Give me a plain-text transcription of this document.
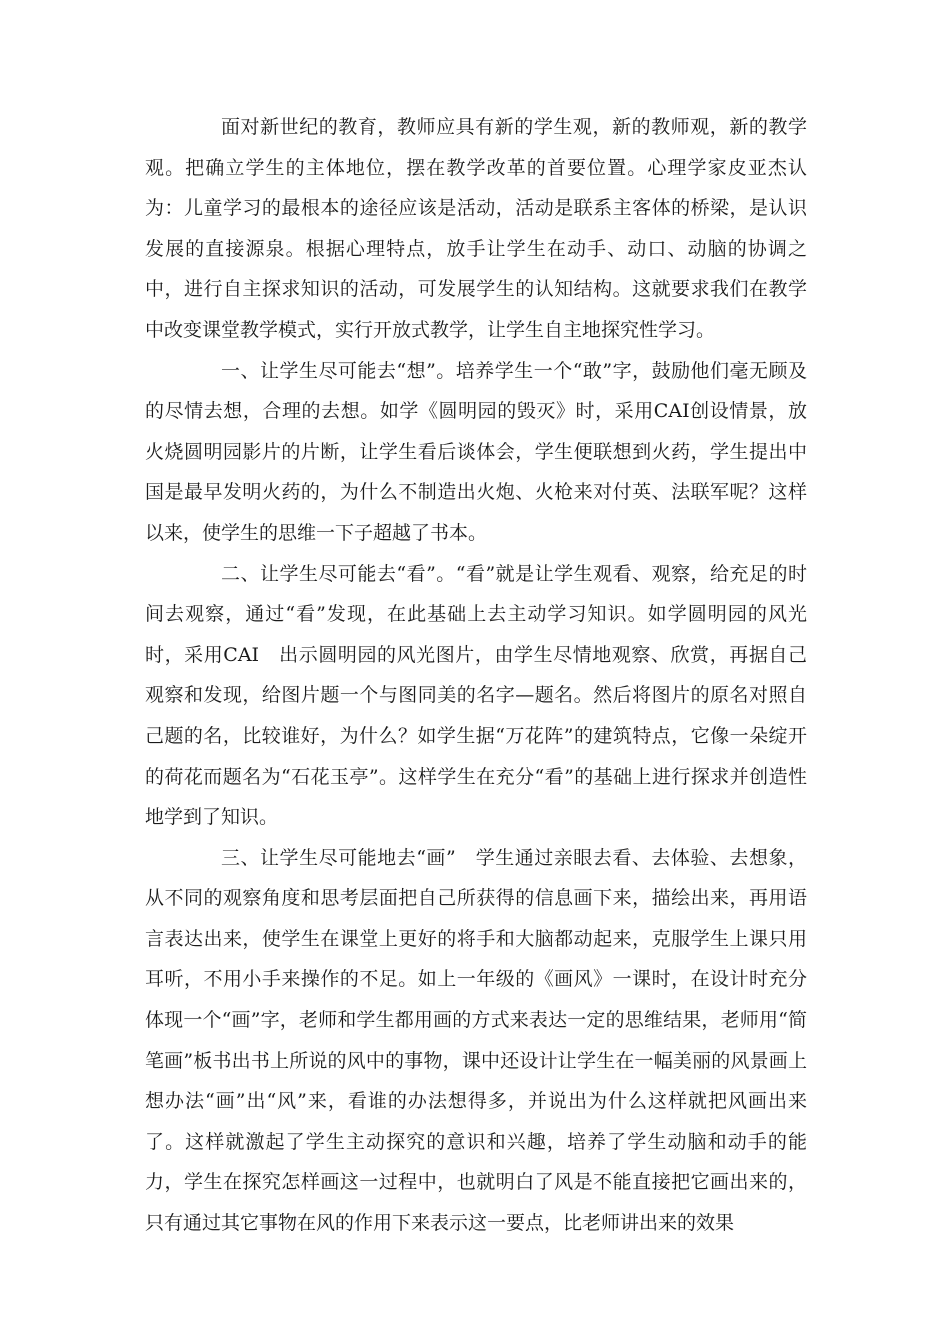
面对新世纪的教育，教师应具有新的学生观，新的教师观，新的教学观。把确立学生的主体地位，摆在教学改革的首要位置。心理学家皮亚杰认为：儿童学习的最根本的途径应该是活动，活动是联系主客体的桥梁，是认识发展的直接源泉。根据心理特点，放手让学生在动手、动口、动脑的协调之中，进行自主探求知识的活动，可发展学生的认知结构。这就要求我们在教学中改变课堂教学模式，实行开放式教学，让学生自主地探究性学习。

一、让学生尽可能去“想”。培养学生一个“敢”字，鼓励他们毫无顾及的尽情去想，合理的去想。如学《圆明园的毁灭》时，采用CAI创设情景，放火烧圆明园影片的片断，让学生看后谈体会，学生便联想到火药，学生提出中国是最早发明火药的，为什么不制造出火炮、火枪来对付英、法联军呢？这样以来，使学生的思维一下子超越了书本。

二、让学生尽可能去“看”。“看”就是让学生观看、观察，给充足的时间去观察，通过“看”发现，在此基础上去主动学习知识。如学圆明园的风光时，采用CAI　出示圆明园的风光图片，由学生尽情地观察、欣赏，再据自己观察和发现，给图片题一个与图同美的名字—题名。然后将图片的原名对照自己题的名，比较谁好，为什么？如学生据“万花阵”的建筑特点，它像一朵绽开的荷花而题名为“石花玉亭”。这样学生在充分“看”的基础上进行探求并创造性地学到了知识。

三、让学生尽可能地去“画”　学生通过亲眼去看、去体验、去想象，从不同的观察角度和思考层面把自己所获得的信息画下来，描绘出来，再用语言表达出来，使学生在课堂上更好的将手和大脑都动起来，克服学生上课只用耳听，不用小手来操作的不足。如上一年级的《画风》一课时，在设计时充分体现一个“画”字，老师和学生都用画的方式来表达一定的思维结果，老师用“简笔画”板书出书上所说的风中的事物，课中还设计让学生在一幅美丽的风景画上想办法“画”出“风”来，看谁的办法想得多，并说出为什么这样就把风画出来了。这样就激起了学生主动探究的意识和兴趣，培养了学生动脑和动手的能力，学生在探究怎样画这一过程中，也就明白了风是不能直接把它画出来的，只有通过其它事物在风的作用下来表示这一要点，比老师讲出来的效果
